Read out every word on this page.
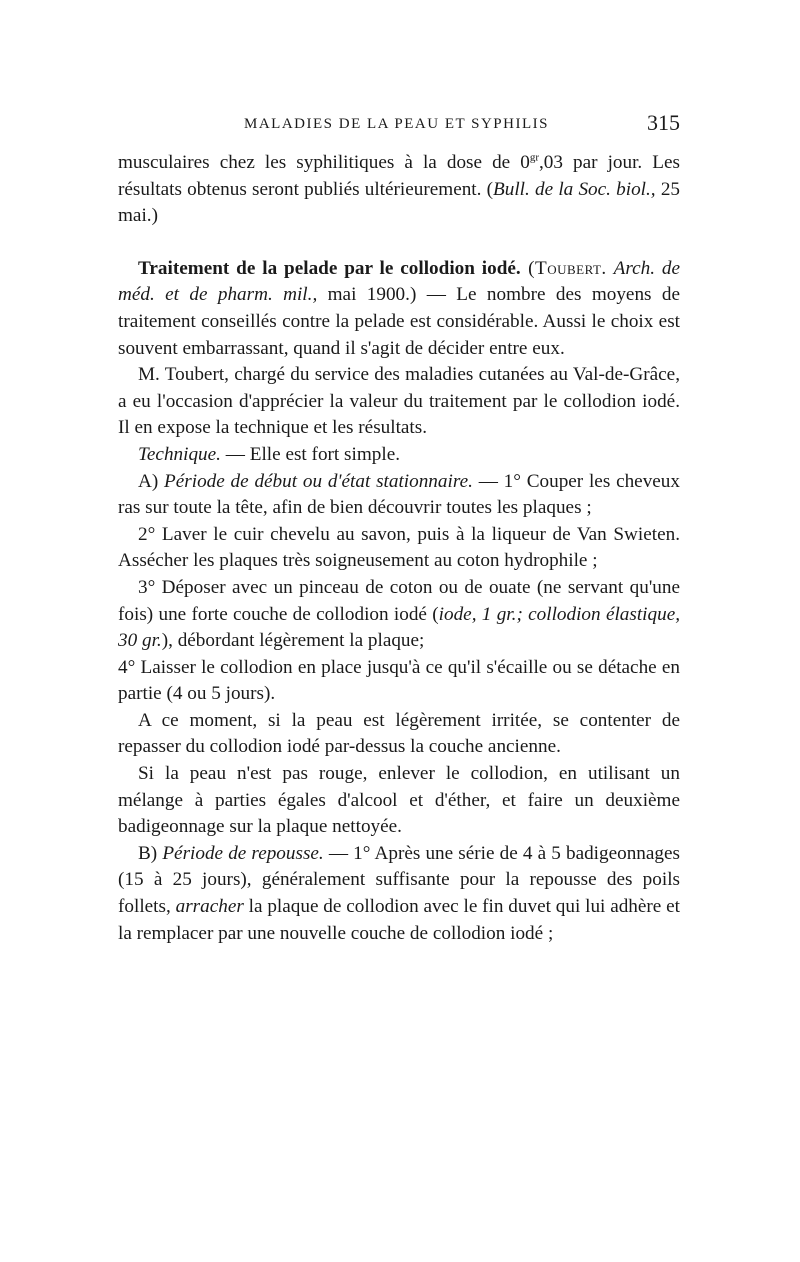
MALADIES DE LA PEAU ET SYPHILIS	315

musculaires chez les syphilitiques à la dose de $0^{gr},03$ par jour. Les résultats obtenus seront publiés ultérieurement. (Bull. de la Soc. biol., 25 mai.)

Traitement de la pelade par le collodion iodé. (Toubert. Arch. de méd. et de pharm. mil., mai 1900.) — Le nombre des moyens de traitement conseillés contre la pelade est considérable. Aussi le choix est souvent embarrassant, quand il s'agit de décider entre eux.

M. Toubert, chargé du service des maladies cutanées au Val-de-Grâce, a eu l'occasion d'apprécier la valeur du traitement par le collodion iodé. Il en expose la technique et les résultats.

Technique. — Elle est fort simple.

A) Période de début ou d'état stationnaire. — 1° Couper les cheveux ras sur toute la tête, afin de bien découvrir toutes les plaques ;

2° Laver le cuir chevelu au savon, puis à la liqueur de Van Swieten. Assécher les plaques très soigneusement au coton hydrophile ;

3° Déposer avec un pinceau de coton ou de ouate (ne servant qu'une fois) une forte couche de collodion iodé (iode, 1 gr.; collodion élastique, 30 gr.), débordant légèrement la plaque;

4° Laisser le collodion en place jusqu'à ce qu'il s'écaille ou se détache en partie (4 ou 5 jours).

A ce moment, si la peau est légèrement irritée, se contenter de repasser du collodion iodé par-dessus la couche ancienne.

Si la peau n'est pas rouge, enlever le collodion, en utilisant un mélange à parties égales d'alcool et d'éther, et faire un deuxième badigeonnage sur la plaque nettoyée.

B) Période de repousse. — 1° Après une série de 4 à 5 badigeonnages (15 à 25 jours), généralement suffisante pour la repousse des poils follets, arracher la plaque de collodion avec le fin duvet qui lui adhère et la remplacer par une nouvelle couche de collodion iodé ;
